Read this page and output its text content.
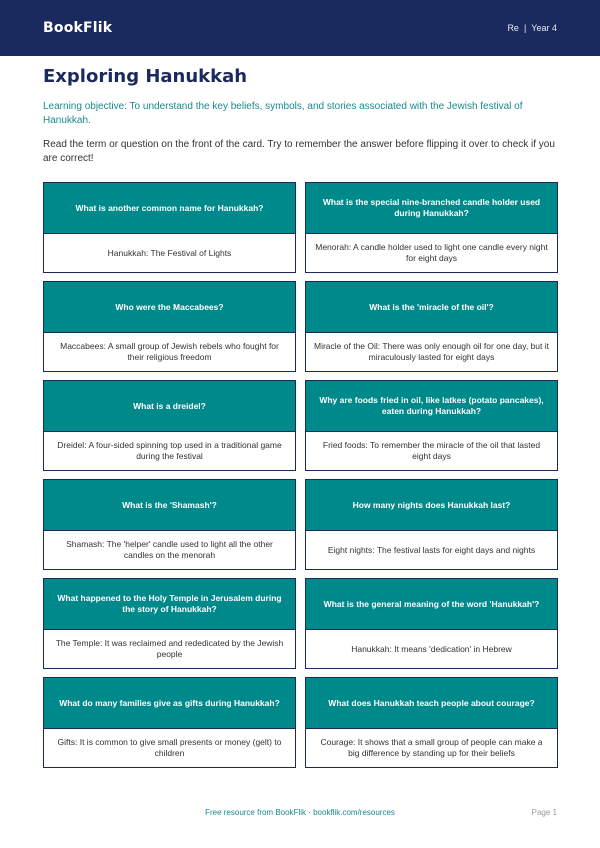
BookFlik	Re | Year 4
Exploring Hanukkah

Learning objective: To understand the key beliefs, symbols, and stories associated with the Jewish festival of Hanukkah.

Read the term or question on the front of the card. Try to remember the answer before flipping it over to check if you are correct!

What is another common name for Hanukkah?
Hanukkah: The Festival of Lights
What is the special nine-branched candle holder used during Hanukkah?
Menorah: A candle holder used to light one candle every night for eight days
Who were the Maccabees?
Maccabees: A small group of Jewish rebels who fought for their religious freedom
What is the 'miracle of the oil'?
Miracle of the Oil: There was only enough oil for one day, but it miraculously lasted for eight days
What is a dreidel?
Dreidel: A four-sided spinning top used in a traditional game during the festival
Why are foods fried in oil, like latkes (potato pancakes), eaten during Hanukkah?
Fried foods: To remember the miracle of the oil that lasted eight days
What is the 'Shamash'?
Shamash: The 'helper' candle used to light all the other candles on the menorah
How many nights does Hanukkah last?
Eight nights: The festival lasts for eight days and nights
What happened to the Holy Temple in Jerusalem during the story of Hanukkah?
The Temple: It was reclaimed and rededicated by the Jewish people
What is the general meaning of the word 'Hanukkah'?
Hanukkah: It means 'dedication' in Hebrew
What do many families give as gifts during Hanukkah?
Gifts: It is common to give small presents or money (gelt) to children
What does Hanukkah teach people about courage?
Courage: It shows that a small group of people can make a big difference by standing up for their beliefs
Free resource from BookFlik · bookflik.com/resources	Page 1
